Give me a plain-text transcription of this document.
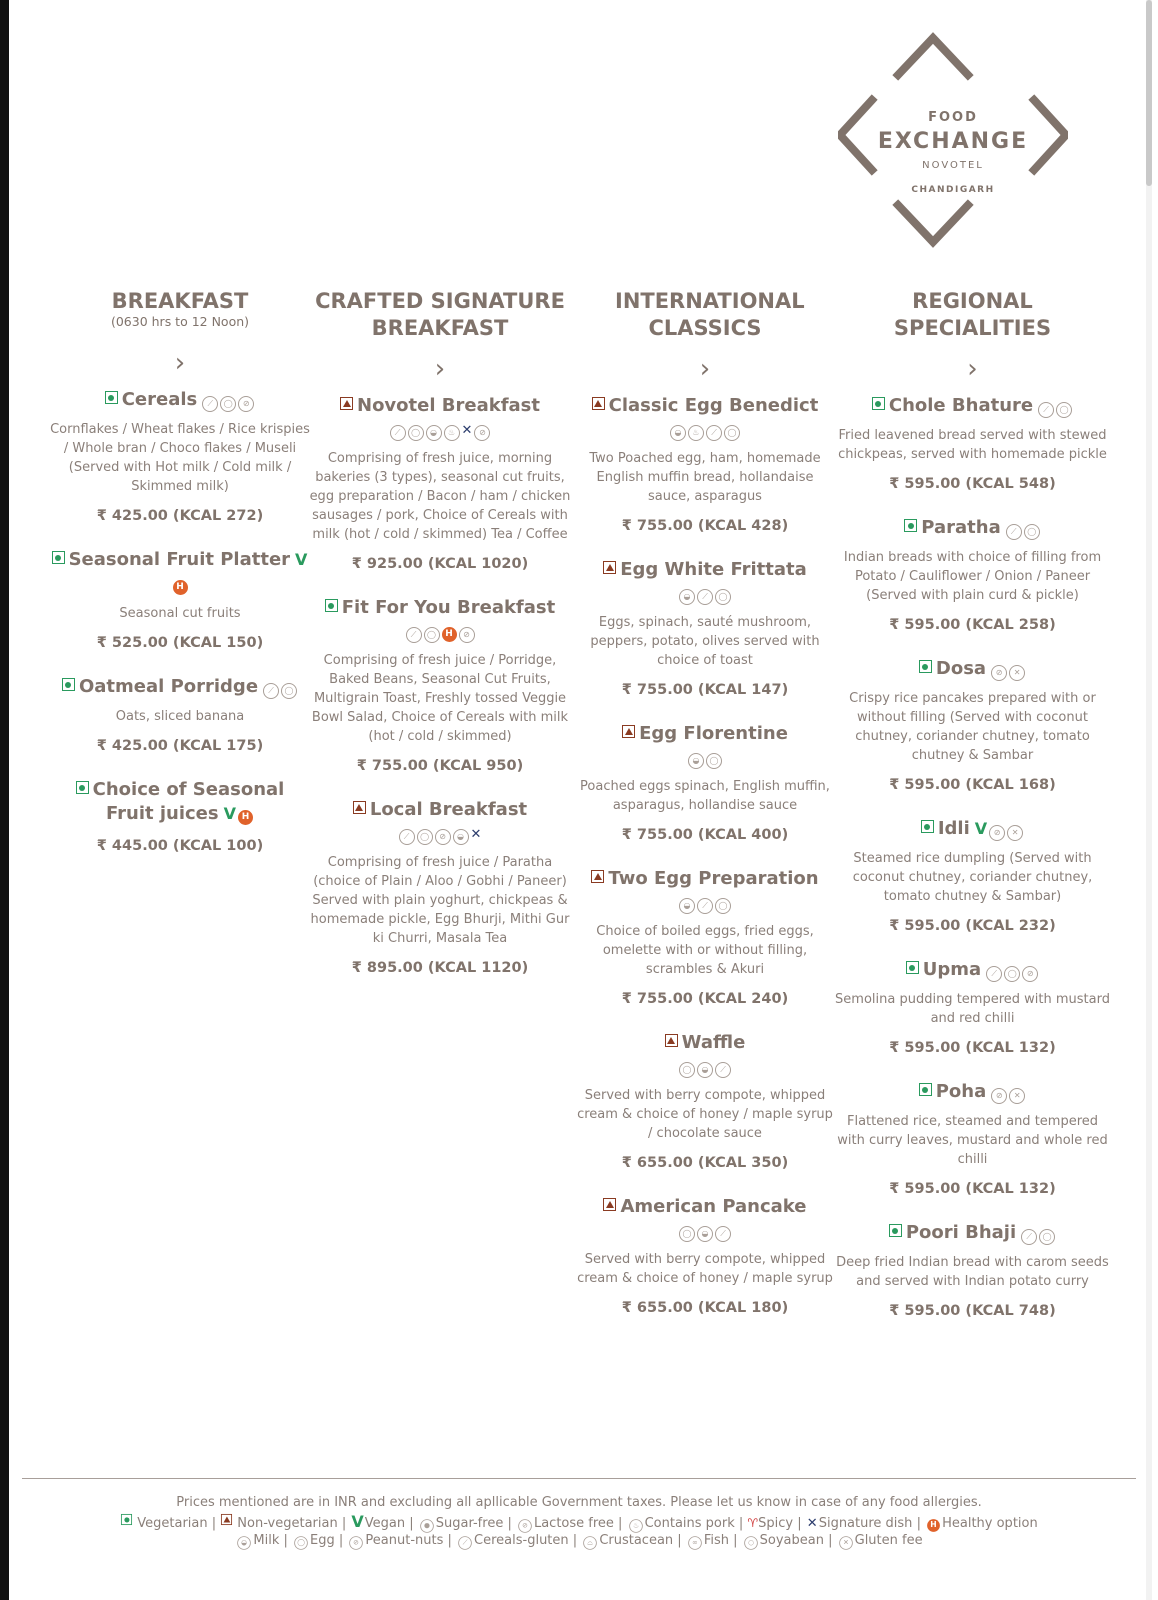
FOOD
EXCHANGE
NOVOTEL
CHANDIGARH
BREAKFAST
(0630 hrs to 12 Noon)
›
Cereals ⟋ ◯ ⊘
Cornflakes / Wheat flakes / Rice krispies / Whole bran / Choco flakes / Museli (Served with Hot milk / Cold milk / Skimmed milk)
₹ 425.00 (KCAL 272)
Seasonal Fruit Platter VH
Seasonal cut fruits
₹ 525.00 (KCAL 150)
Oatmeal Porridge ⟋ ◯
Oats, sliced banana
₹ 425.00 (KCAL 175)
Choice of Seasonal Fruit juices V H
₹ 445.00 (KCAL 100)
CRAFTED SIGNATURE BREAKFAST
›
Novotel Breakfast
⟋ ◯ ◒ ♨ ✕ ⊘
Comprising of fresh juice, morning bakeries (3 types), seasonal cut fruits, egg preparation / Bacon / ham / chicken sausages / pork, Choice of Cereals with milk (hot / cold / skimmed) Tea / Coffee
₹ 925.00 (KCAL 1020)
Fit For You Breakfast
⟋ ◯ H ⊘
Comprising of fresh juice / Porridge, Baked Beans, Seasonal Cut Fruits, Multigrain Toast, Freshly tossed Veggie Bowl Salad, Choice of Cereals with milk (hot / cold / skimmed)
₹ 755.00 (KCAL 950)
Local Breakfast
⟋ ◯ ⊘ ◒ ✕
Comprising of fresh juice / Paratha (choice of Plain / Aloo / Gobhi / Paneer) Served with plain yoghurt, chickpeas & homemade pickle, Egg Bhurji, Mithi Gur ki Churri, Masala Tea
₹ 895.00 (KCAL 1120)
INTERNATIONAL CLASSICS
›
Classic Egg Benedict
◒ ♨ ⟋ ◯
Two Poached egg, ham, homemade English muffin bread, hollandaise sauce, asparagus
₹ 755.00 (KCAL 428)
Egg White Frittata
◒ ⟋ ◯
Eggs, spinach, sauté mushroom, peppers, potato, olives served with choice of toast
₹ 755.00 (KCAL 147)
Egg Florentine
◒ ◯
Poached eggs spinach, English muffin, asparagus, hollandise sauce
₹ 755.00 (KCAL 400)
Two Egg Preparation
◒ ⟋ ◯
Choice of boiled eggs, fried eggs, omelette with or without filling, scrambles & Akuri
₹ 755.00 (KCAL 240)
Waffle
◯ ◒ ⟋
Served with berry compote, whipped cream & choice of honey / maple syrup / chocolate sauce
₹ 655.00 (KCAL 350)
American Pancake
◯ ◒ ⟋
Served with berry compote, whipped cream & choice of honey / maple syrup
₹ 655.00 (KCAL 180)
REGIONAL SPECIALITIES
›
Chole Bhature ⟋ ◯
Fried leavened bread served with stewed chickpeas, served with homemade pickle
₹ 595.00 (KCAL 548)
Paratha ⟋ ◯
Indian breads with choice of filling from Potato / Cauliflower / Onion / Paneer (Served with plain curd & pickle)
₹ 595.00 (KCAL 258)
Dosa ⊘ ✕
Crispy rice pancakes prepared with or without filling (Served with coconut chutney, coriander chutney, tomato chutney & Sambar
₹ 595.00 (KCAL 168)
Idli V ⊘ ✕
Steamed rice dumpling (Served with coconut chutney, coriander chutney, tomato chutney & Sambar)
₹ 595.00 (KCAL 232)
Upma ⟋ ◯ ⊘
Semolina pudding tempered with mustard and red chilli
₹ 595.00 (KCAL 132)
Poha ⊘ ✕
Flattened rice, steamed and tempered with curry leaves, mustard and whole red chilli
₹ 595.00 (KCAL 132)
Poori Bhaji ⟋ ◯
Deep fried Indian bread with carom seeds and served with Indian potato curry
₹ 595.00 (KCAL 748)
Prices mentioned are in INR and excluding all apllicable Government taxes. Please let us know in case of any food allergies.
Vegetarian | Non-vegetarian | VVegan | ● Sugar-free | ⊘ Lactose free | ♨ Contains pork | ♈Spicy | ✕Signature dish | H Healthy option
◒ Milk | ◯ Egg | ⊘ Peanut-nuts | ⟋ Cereals-gluten | ⌓ Crustacean | ∞ Fish | ○ Soyabean | ✕ Gluten fee
